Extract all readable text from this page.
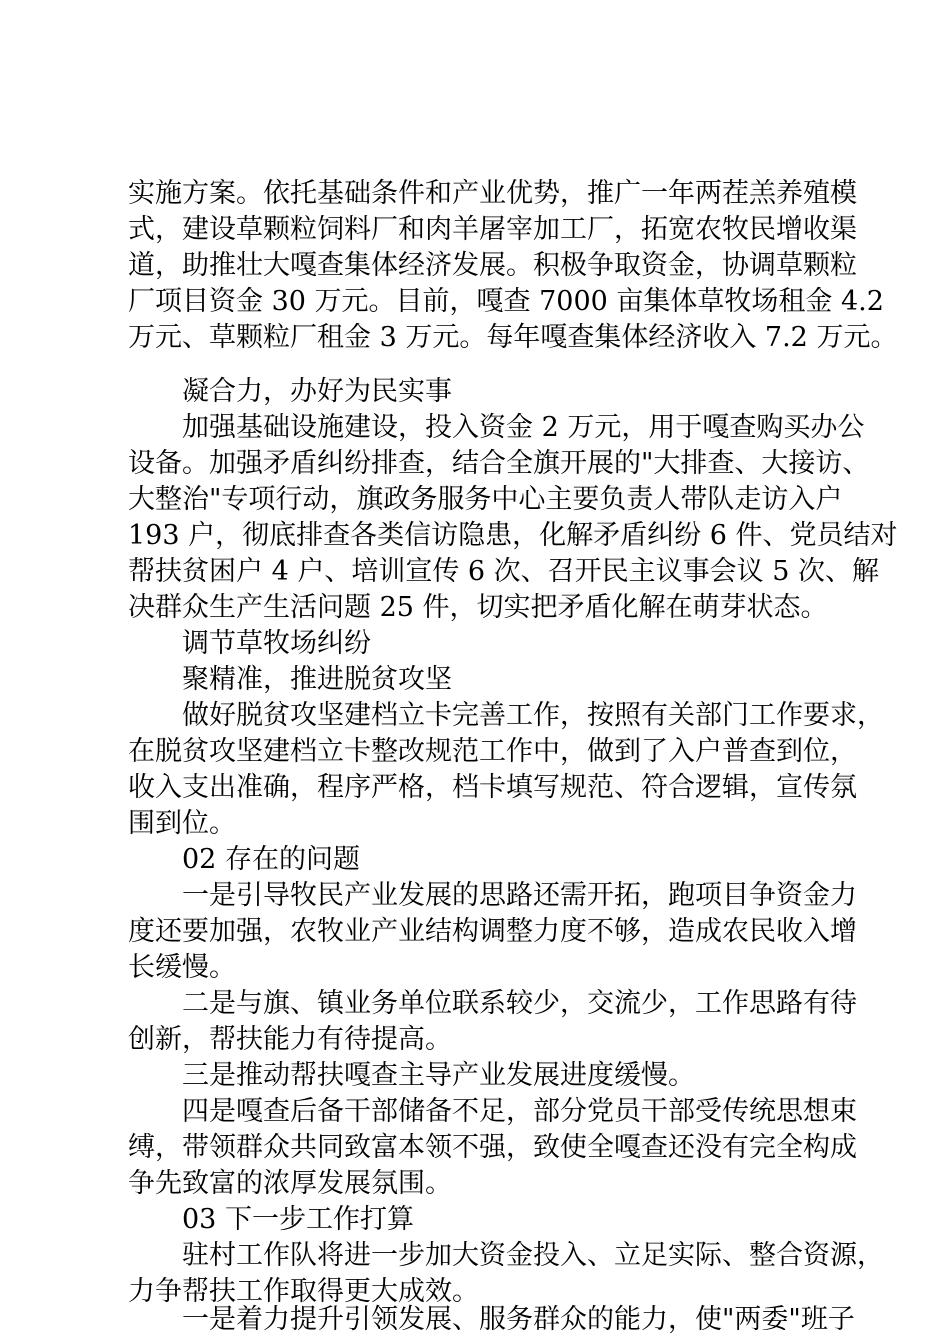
实施方案。依托基础条件和产业优势，推广一年两茬羔养殖模
式，建设草颗粒饲料厂和肉羊屠宰加工厂，拓宽农牧民增收渠
道，助推壮大嘎查集体经济发展。积极争取资金，协调草颗粒
厂项目资金 30 万元。目前，嘎查 7000 亩集体草牧场租金 4.2
万元、草颗粒厂租金 3 万元。每年嘎查集体经济收入 7.2 万元。
凝合力，办好为民实事
加强基础设施建设，投入资金 2 万元，用于嘎查购买办公
设备。加强矛盾纠纷排查，结合全旗开展的"大排查、大接访、
大整治"专项行动，旗政务服务中心主要负责人带队走访入户
193 户，彻底排查各类信访隐患，化解矛盾纠纷 6 件、党员结对
帮扶贫困户 4 户、培训宣传 6 次、召开民主议事会议 5 次、解
决群众生产生活问题 25 件，切实把矛盾化解在萌芽状态。
调节草牧场纠纷
聚精准，推进脱贫攻坚
做好脱贫攻坚建档立卡完善工作，按照有关部门工作要求，
在脱贫攻坚建档立卡整改规范工作中，做到了入户普查到位，
收入支出准确，程序严格，档卡填写规范、符合逻辑，宣传氛
围到位。
02 存在的问题
一是引导牧民产业发展的思路还需开拓，跑项目争资金力
度还要加强，农牧业产业结构调整力度不够，造成农民收入增
长缓慢。
二是与旗、镇业务单位联系较少，交流少，工作思路有待
创新，帮扶能力有待提高。
三是推动帮扶嘎查主导产业发展进度缓慢。
四是嘎查后备干部储备不足，部分党员干部受传统思想束
缚，带领群众共同致富本领不强，致使全嘎查还没有完全构成
争先致富的浓厚发展氛围。
03 下一步工作打算
驻村工作队将进一步加大资金投入、立足实际、整合资源，
力争帮扶工作取得更大成效。
一是着力提升引领发展、服务群众的能力，使"两委"班子
